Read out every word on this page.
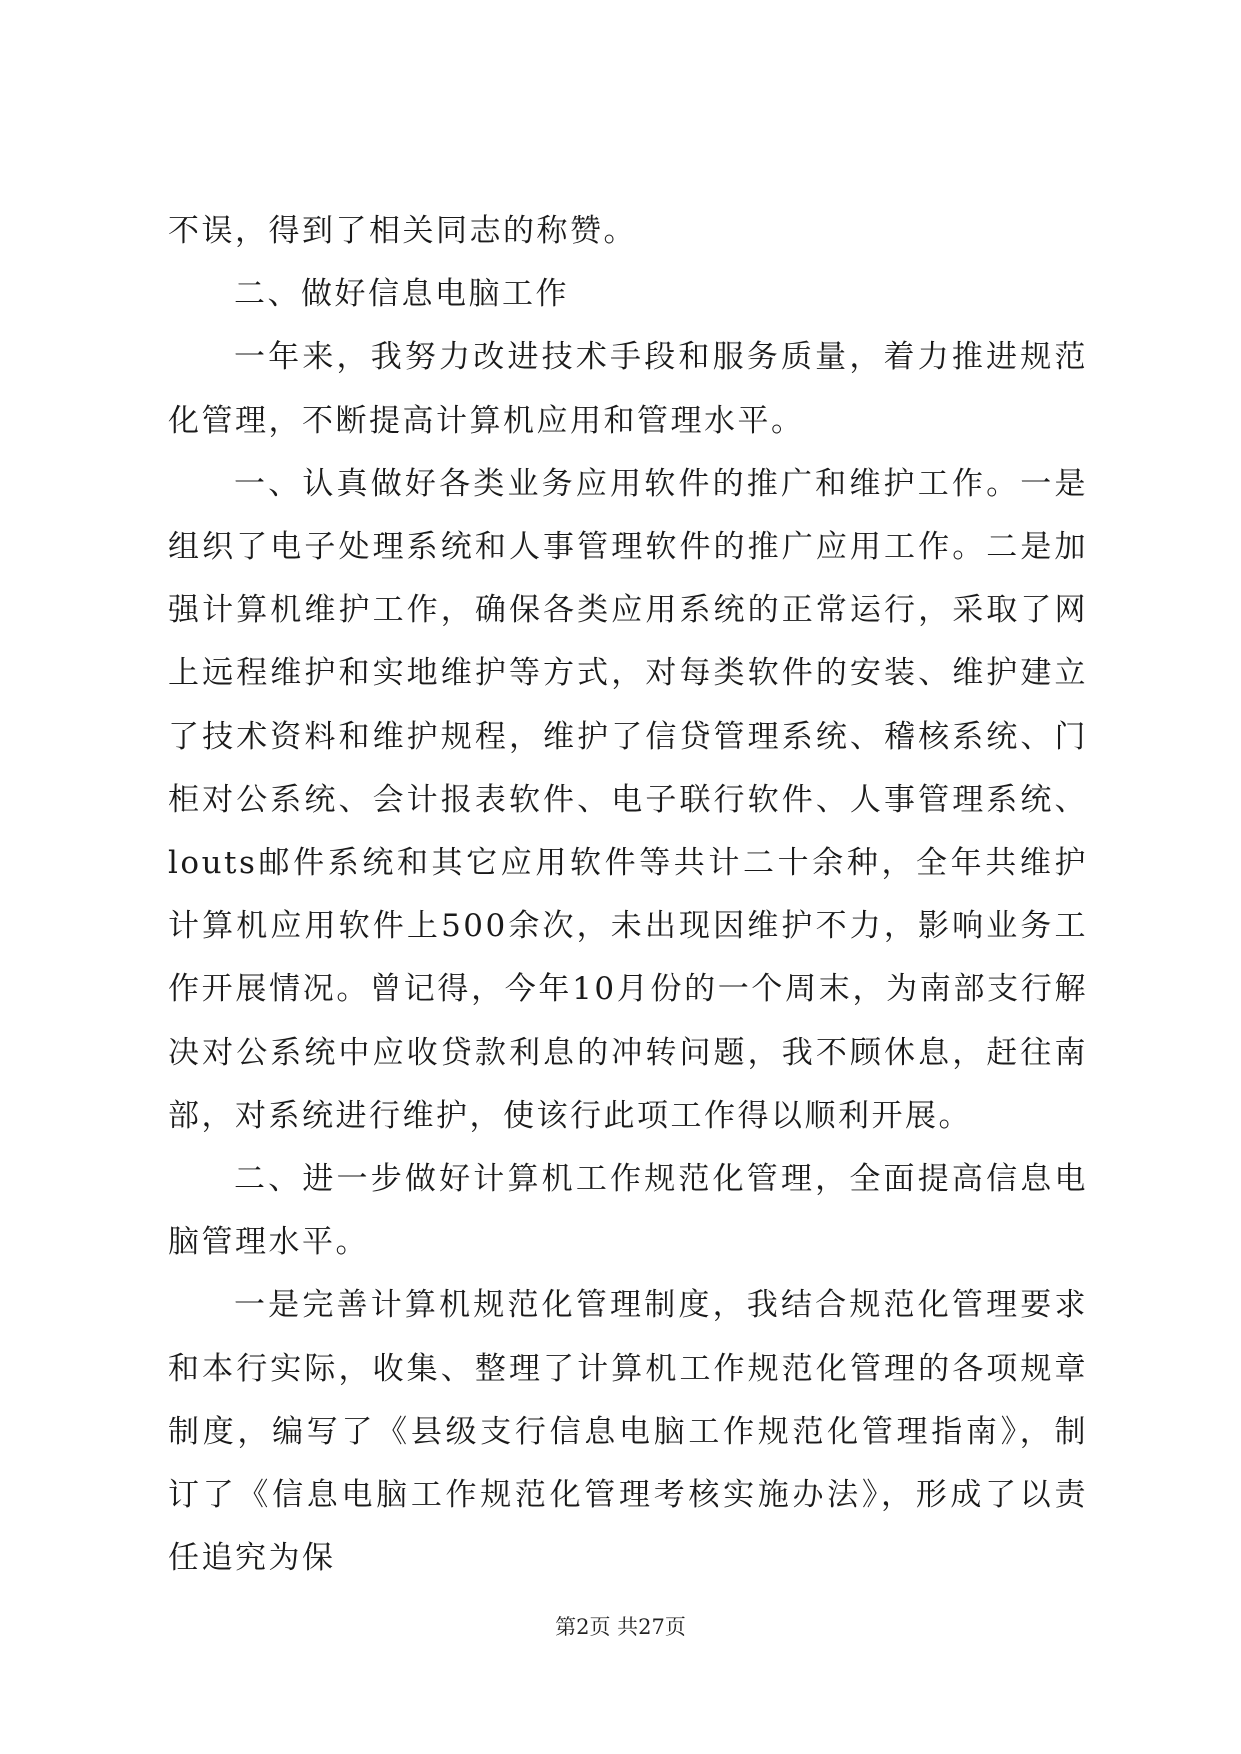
不误，得到了相关同志的称赞。

二、做好信息电脑工作

一年来，我努力改进技术手段和服务质量，着力推进规范化管理，不断提高计算机应用和管理水平。

一、认真做好各类业务应用软件的推广和维护工作。一是组织了电子处理系统和人事管理软件的推广应用工作。二是加强计算机维护工作，确保各类应用系统的正常运行，采取了网上远程维护和实地维护等方式，对每类软件的安装、维护建立了技术资料和维护规程，维护了信贷管理系统、稽核系统、门柜对公系统、会计报表软件、电子联行软件、人事管理系统、louts邮件系统和其它应用软件等共计二十余种，全年共维护计算机应用软件上500余次，未出现因维护不力，影响业务工作开展情况。曾记得，今年10月份的一个周末，为南部支行解决对公系统中应收贷款利息的冲转问题，我不顾休息，赶往南部，对系统进行维护，使该行此项工作得以顺利开展。

二、进一步做好计算机工作规范化管理，全面提高信息电脑管理水平。

一是完善计算机规范化管理制度，我结合规范化管理要求和本行实际，收集、整理了计算机工作规范化管理的各项规章制度，编写了《县级支行信息电脑工作规范化管理指南》，制订了《信息电脑工作规范化管理考核实施办法》，形成了以责任追究为保

第2页 共27页
